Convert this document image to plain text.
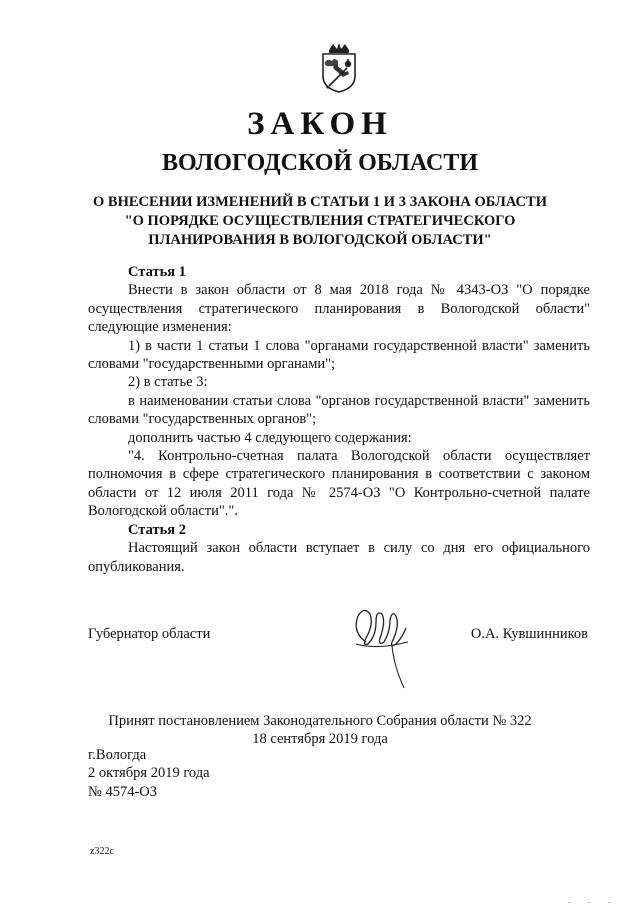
ЗАКОН
ВОЛОГОДСКОЙ ОБЛАСТИ
О ВНЕСЕНИИ ИЗМЕНЕНИЙ В СТАТЬИ 1 И 3 ЗАКОНА ОБЛАСТИ
"О ПОРЯДКЕ ОСУЩЕСТВЛЕНИЯ СТРАТЕГИЧЕСКОГО
ПЛАНИРОВАНИЯ В ВОЛОГОДСКОЙ ОБЛАСТИ"

Статья 1

Внести в закон области от 8 мая 2018 года № 4343-ОЗ "О порядке осуществления стратегического планирования в Вологодской области" следующие изменения:

1) в части 1 статьи 1 слова "органами государственной власти" заменить словами "государственными органами";

2) в статье 3:

в наименовании статьи слова "органов государственной власти" заменить словами "государственных органов";

дополнить частью 4 следующего содержания:

"4. Контрольно-счетная палата Вологодской области осуществляет полномочия в сфере стратегического планирования в соответствии с законом области от 12 июля 2011 года № 2574-ОЗ "О Контрольно-счетной палате Вологодской области".".

Статья 2

Настоящий закон области вступает в силу со дня его официального опубликования.

Губернатор области	О.А. Кувшинников
Принят постановлением Законодательного Собрания области № 322
18 сентября 2019 года
г.Вологда
2 октября 2019 года
№ 4574-ОЗ
z322c
. . .
